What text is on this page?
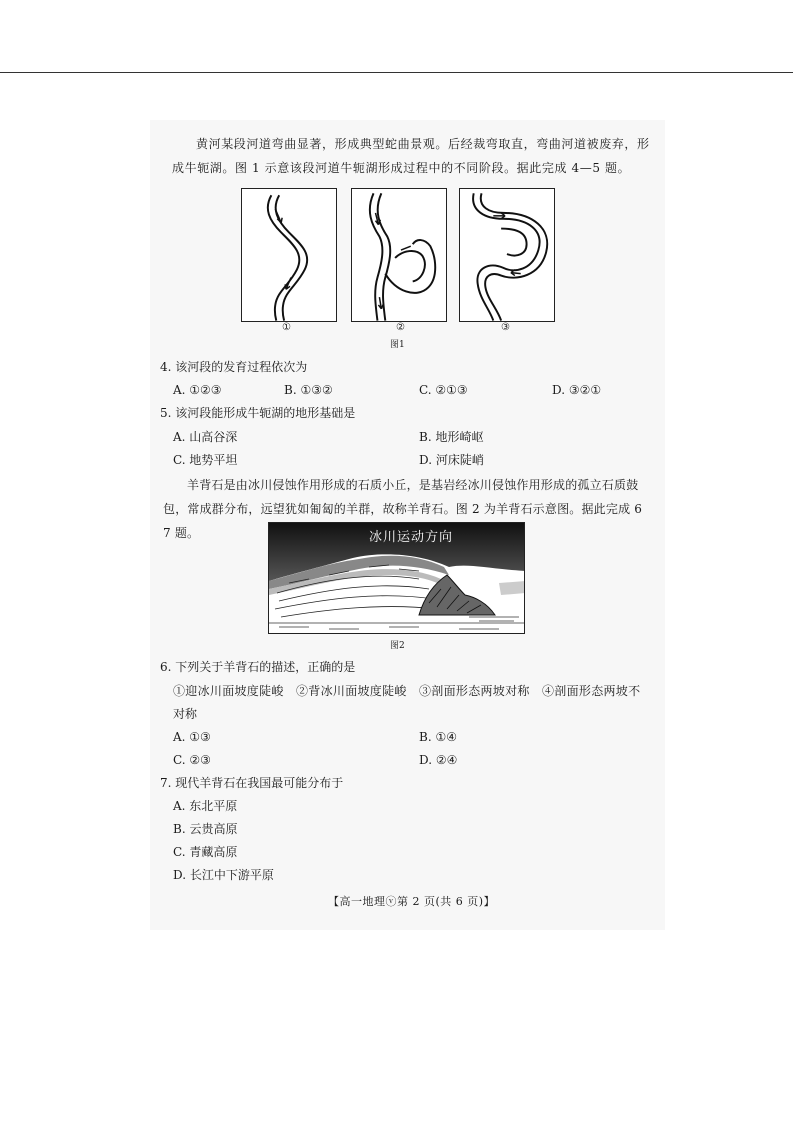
黄河某段河道弯曲显著，形成典型蛇曲景观。后经裁弯取直，弯曲河道被废弃，形成牛轭湖。图 1 示意该段河道牛轭湖形成过程中的不同阶段。据此完成 4—5 题。
①	②	③
图1
4. 该河段的发育过程依次为
A. ①②③	B. ①③②	C. ②①③	D. ③②①
5. 该河段能形成牛轭湖的地形基础是
A. 山高谷深	B. 地形崎岖
C. 地势平坦	D. 河床陡峭
羊背石是由冰川侵蚀作用形成的石质小丘，是基岩经冰川侵蚀作用形成的孤立石质鼓包，常成群分布，远望犹如匍匐的羊群，故称羊背石。图 2 为羊背石示意图。据此完成 6 7 题。	冰川运动方向
图2
6. 下列关于羊背石的描述，正确的是
①迎冰川面坡度陡峻　②背冰川面坡度陡峻　③剖面形态两坡对称　④剖面形态两坡不
对称
A. ①③	B. ①④
C. ②③	D. ②④
7. 现代羊背石在我国最可能分布于
A. 东北平原
B. 云贵高原
C. 青藏高原
D. 长江中下游平原
【高一地理ⓥ第 2 页(共 6 页)】
